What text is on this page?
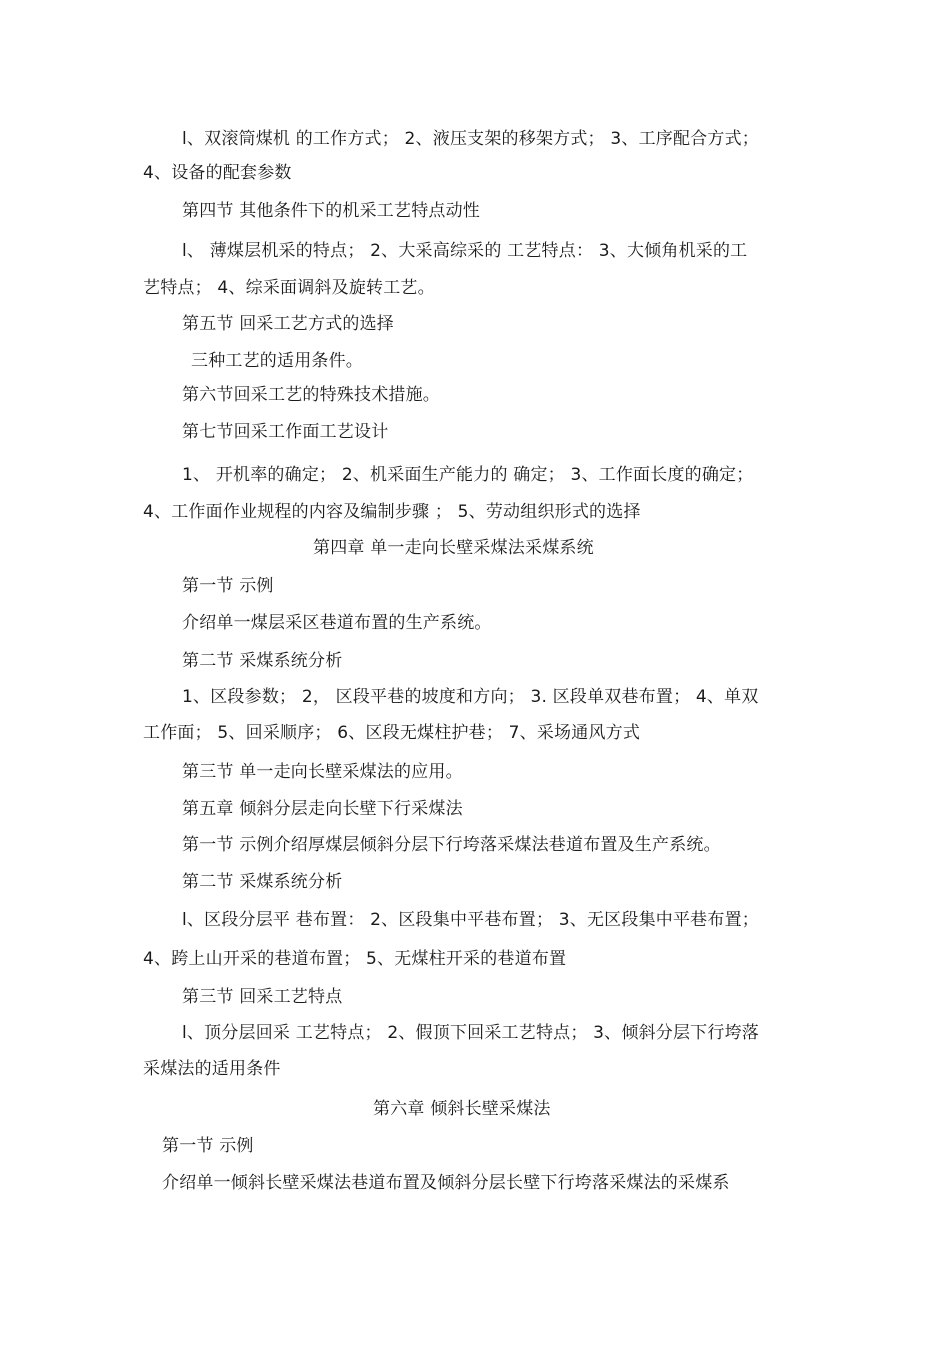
l、双滚筒煤机 的工作方式； 2、液压支架的移架方式； 3、工序配合方式；
4、设备的配套参数
第四节 其他条件下的机采工艺特点动性
l、 薄煤层机采的特点； 2、大采高综采的 工艺特点： 3、大倾角机采的工
艺特点； 4、综采面调斜及旋转工艺。
第五节 回采工艺方式的选择
三种工艺的适用条件。
第六节回采工艺的特殊技术措施。
第七节回采工作面工艺设计
1、 开机率的确定； 2、机采面生产能力的 确定； 3、工作面长度的确定；
4、工作面作业规程的内容及编制步骤 ； 5、劳动组织形式的选择
第四章 单一走向长壁采煤法采煤系统
第一节 示例
介绍单一煤层采区巷道布置的生产系统。
第二节 采煤系统分析
1、区段参数； 2， 区段平巷的坡度和方向； 3. 区段单双巷布置； 4、单双
工作面； 5、回采顺序； 6、区段无煤柱护巷； 7、采场通风方式
第三节 单一走向长壁采煤法的应用。
第五章 倾斜分层走向长壁下行采煤法
第一节 示例介绍厚煤层倾斜分层下行垮落采煤法巷道布置及生产系统。
第二节 采煤系统分析
l、区段分层平 巷布置： 2、区段集中平巷布置； 3、无区段集中平巷布置；
4、跨上山开采的巷道布置； 5、无煤柱开采的巷道布置
第三节 回采工艺特点
l、顶分层回采 工艺特点； 2、假顶下回采工艺特点； 3、倾斜分层下行垮落
采煤法的适用条件
第六章 倾斜长壁采煤法
第一节 示例
介绍单一倾斜长壁采煤法巷道布置及倾斜分层长壁下行垮落采煤法的采煤系
